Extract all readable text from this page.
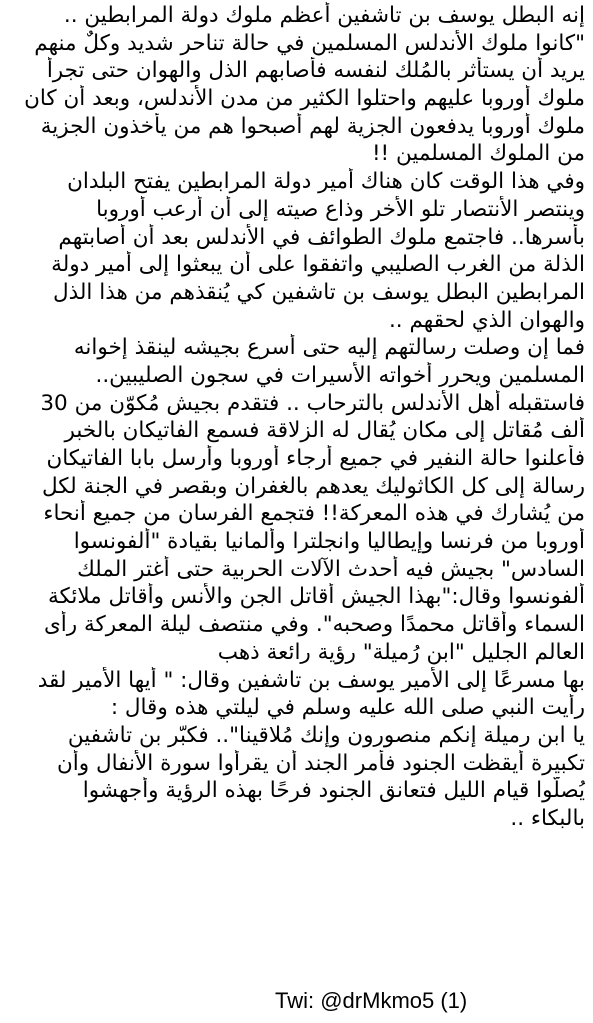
إنه البطل يوسف بن تاشفين أعظم ملوك دولة المرابطين ..
"كانوا ملوك الأندلس المسلمين في حالة تناحر شديد وكلٌ منهم
يريد أن يستأثر بالمُلك لنفسه فأصابهم الذل والهوان حتى تجرأ
ملوك أوروبا عليهم واحتلوا الكثير من مدن الأندلس، وبعد أن كان
ملوك أوروبا يدفعون الجزية لهم أصبحوا هم من يأخذون الجزية
من الملوك المسلمين !!
وفي هذا الوقت كان هناك أمير دولة المرابطين يفتح البلدان
وينتصر الأنتصار تلو الأخر وذاع صيته إلى أن أرعب أوروبا
بأسرها.. فاجتمع ملوك الطوائف في الأندلس بعد أن أصابتهم
الذلة من الغرب الصليبي واتفقوا على أن يبعثوا إلى أمير دولة
المرابطين البطل يوسف بن تاشفين كي يُنقذهم من هذا الذل
والهوان الذي لحقهم ..
فما إن وصلت رسالتهم إليه حتى أسرع بجيشه لينقذ إخوانه
المسلمين ويحرر أخواته الأسيرات في سجون الصليبين..
فاستقبله أهل الأندلس بالترحاب .. فتقدم بجيش مُكوّن من 30
ألف مُقاتل إلى مكان يُقال له الزلاقة فسمع الفاتيكان بالخبر
فأعلنوا حالة النفير في جميع أرجاء أوروبا وأرسل بابا الفاتيكان
رسالة إلى كل الكاثوليك يعدهم بالغفران وبقصر في الجنة لكل
من يُشارك في هذه المعركة!! فتجمع الفرسان من جميع أنحاء
أوروبا من فرنسا وإيطاليا وانجلترا وألمانيا بقيادة "ألفونسوا
السادس" بجيش فيه أحدث الآلات الحربية حتى أغتر الملك
ألفونسوا وقال:"بهذا الجيش أقاتل الجن والأنس وأقاتل ملائكة
السماء وأقاتل محمدًا وصحبه". وفي منتصف ليلة المعركة رأى
العالم الجليل "ابن رُميلة" رؤية رائعة ذهب
بها مسرعًا إلى الأمير يوسف بن تاشفين وقال: " أيها الأمير لقد
رأيت النبي صلى الله عليه وسلم في ليلتي هذه وقال :
يا ابن رميلة إنكم منصورون وإنك مُلاقينا".. فكبّر بن تاشفين
تكبيرة أيقظت الجنود فأمر الجند أن يقرأوا سورة الأنفال وأن
يُصلّوا قيام الليل فتعانق الجنود فرحًا بهذه الرؤية وأجهشوا
بالبكاء ..
Twi: @drMkmo5 (1)
